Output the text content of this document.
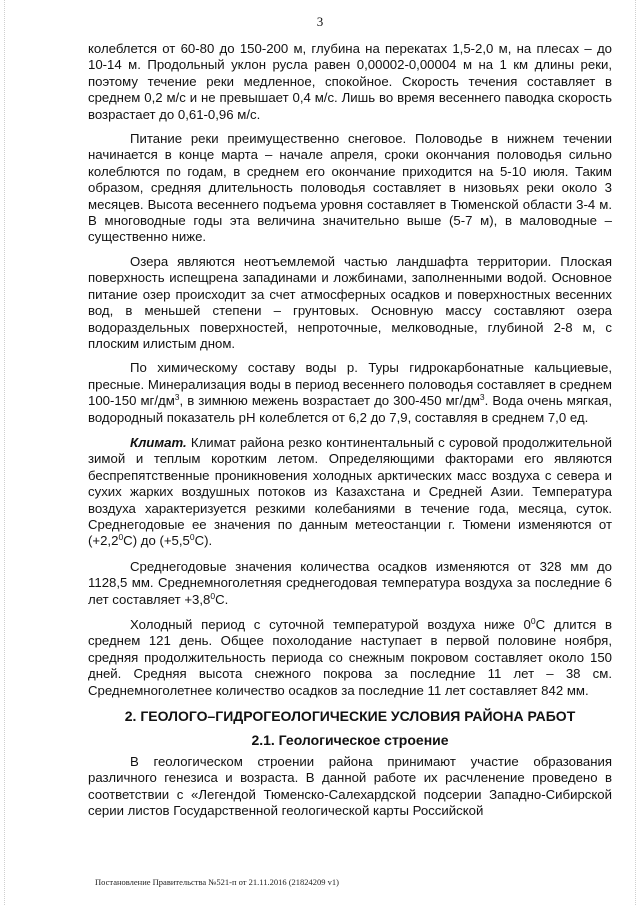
3

колеблется от 60-80 до 150-200 м, глубина на перекатах 1,5-2,0 м, на плесах – до 10-14 м. Продольный уклон русла равен 0,00002-0,00004 м на 1 км длины реки, поэтому течение реки медленное, спокойное. Скорость течения составляет в среднем 0,2 м/с и не превышает 0,4 м/с. Лишь во время весеннего паводка скорость возрастает до 0,61-0,96 м/с.

Питание реки преимущественно снеговое. Половодье в нижнем течении начинается в конце марта – начале апреля, сроки окончания половодья сильно колеблются по годам, в среднем его окончание приходится на 5-10 июля. Таким образом, средняя длительность половодья составляет в низовьях реки около 3 месяцев. Высота весеннего подъема уровня составляет в Тюменской области 3-4 м. В многоводные годы эта величина значительно выше (5-7 м), в маловодные – существенно ниже.

Озера являются неотъемлемой частью ландшафта территории. Плоская поверхность испещрена западинами и ложбинами, заполненными водой. Основное питание озер происходит за счет атмосферных осадков и поверхностных весенних вод, в меньшей степени – грунтовых. Основную массу составляют озера водораздельных поверхностей, непроточные, мелководные, глубиной 2-8 м, с плоским илистым дном.

По химическому составу воды р. Туры гидрокарбонатные кальциевые, пресные. Минерализация воды в период весеннего половодья составляет в среднем 100-150 $мг/дм^3$, в зимнюю межень возрастает до 300-450 $мг/дм^3$. Вода очень мягкая, водородный показатель pH колеблется от 6,2 до 7,9, составляя в среднем 7,0 ед.

Климат. Климат района резко континентальный с суровой продолжительной зимой и теплым коротким летом. Определяющими факторами его являются беспрепятственные проникновения холодных арктических масс воздуха с севера и сухих жарких воздушных потоков из Казахстана и Средней Азии. Температура воздуха характеризуется резкими колебаниями в течение года, месяца, суток. Среднегодовые ее значения по данным метеостанции г. Тюмени изменяются от $(+2,2^0С)$ до $(+5,5^0С)$.

Среднегодовые значения количества осадков изменяются от 328 мм до 1128,5 мм. Среднемноголетняя среднегодовая температура воздуха за последние 6 лет составляет $+3,8^0С$.

Холодный период с суточной температурой воздуха ниже $0^0С$ длится в среднем 121 день. Общее похолодание наступает в первой половине ноября, средняя продолжительность периода со снежным покровом составляет около 150 дней. Средняя высота снежного покрова за последние 11 лет – 38 см. Среднемноголетнее количество осадков за последние 11 лет составляет 842 мм.

2. ГЕОЛОГО–ГИДРОГЕОЛОГИЧЕСКИЕ УСЛОВИЯ РАЙОНА РАБОТ
2.1. Геологическое строение

В геологическом строении района принимают участие образования различного генезиса и возраста. В данной работе их расчленение проведено в соответствии с «Легендой Тюменско-Салехардской подсерии Западно-Сибирской серии листов Государственной геологической карты Российской

Постановление Правительства №521-п от 21.11.2016 (21824209 v1)
